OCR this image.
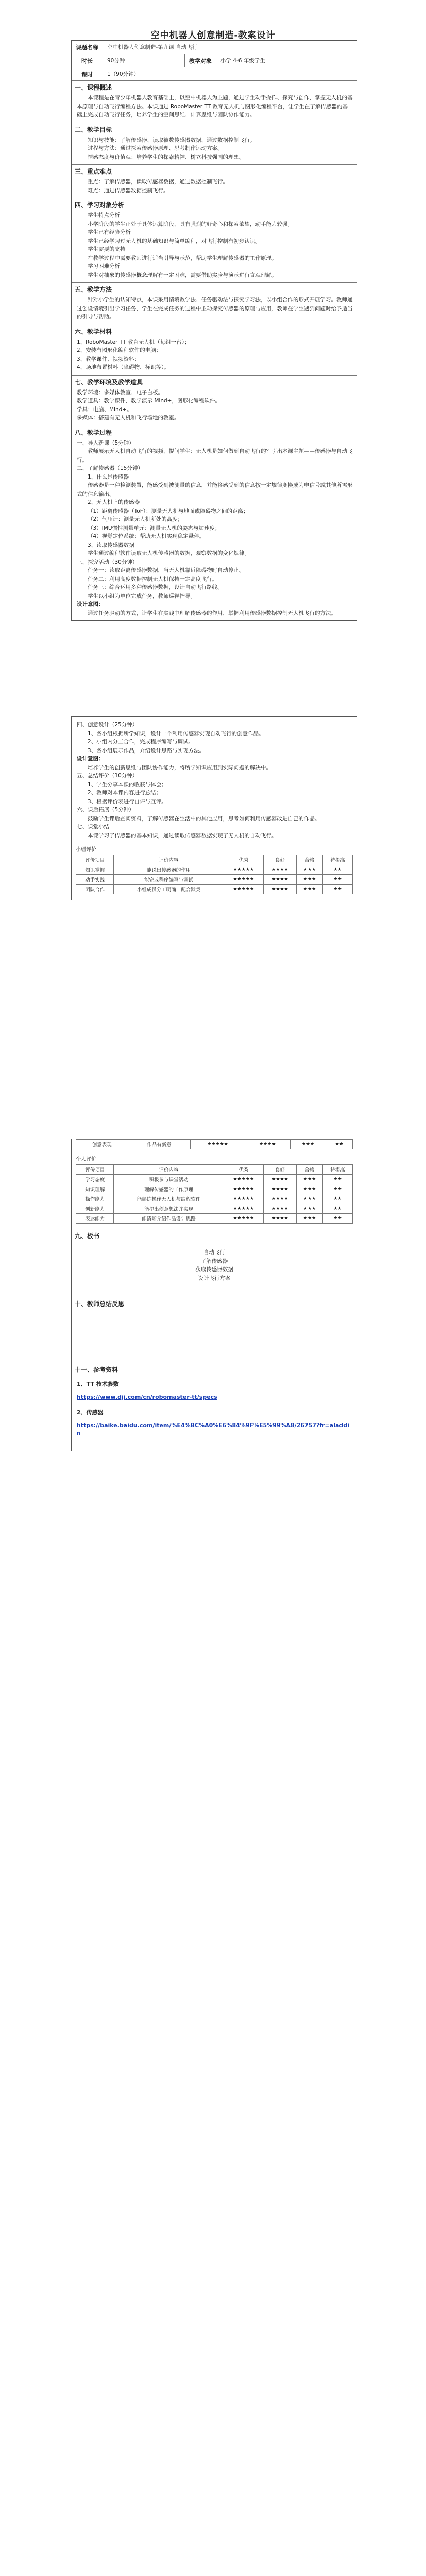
空中机器人创意制造-教案设计
课题名称	空中机器人创意制造-第九课 自动飞行
时长	90分钟	教学对象	小学 4-6 年级学生
课时	1（90分钟）
一、课程概述

本课程是在青少年机器人教育基础上，以空中机器人为主题，通过学生动手操作、探究与创作，掌握无人机的基本原理与自动飞行编程方法。本课通过 RoboMaster TT 教育无人机与图形化编程平台，让学生在了解传感器的基础上完成自动飞行任务，培养学生的空间思维、计算思维与团队协作能力。

二、教学目标

知识与技能：了解传感器、读取被数传感器数据、通过数据控制飞行。

过程与方法：通过探索传感器原理、思考制作运动方案。

情感态度与价值观：培养学生的探索精神、树立科技强国的理想。

三、重点难点

重点：了解传感器，读取传感器数据，通过数据控制飞行。

难点：通过传感器数据控制飞行。

四、学习对象分析

学生特点分析

小学阶段的学生正处于具体运算阶段，具有强烈的好奇心和探索欲望，动手能力较强。

学生已有经验分析

学生已经学习过无人机的基础知识与简单编程，对飞行控制有初步认识。

学生需要的支持

在教学过程中需要教师进行适当引导与示范，帮助学生理解传感器的工作原理。

学习困难分析

学生对抽象的传感器概念理解有一定困难，需要借助实验与演示进行直观理解。

五、教学方法

针对小学生的认知特点，本课采用情境教学法、任务驱动法与探究学习法，以小组合作的形式开展学习。教师通过创设情境引出学习任务，学生在完成任务的过程中主动探究传感器的原理与应用，教师在学生遇到问题时给予适当的引导与帮助。

六、教学材料

1、RoboMaster TT 教育无人机（每组一台）；

2、安装有图形化编程软件的电脑；

3、教学课件、视频资料；

4、场地布置材料（障碍物、标识等）。

七、教学环境及教学道具

教学环境：多媒体教室、电子白板。

教学道具：教学课件，教学演示 Mind+，图形化编程软件。

学具：电脑、Mind+。

多媒体：搭建有无人机和飞行场地的教室。

八、教学过程

一、导入新课（5分钟）

教师展示无人机自动飞行的视频，提问学生：无人机是如何做到自动飞行的？引出本课主题——传感器与自动飞行。

二、了解传感器（15分钟）

1、什么是传感器

传感器是一种检测装置，能感受到被测量的信息，并能将感受到的信息按一定规律变换成为电信号或其他所需形式的信息输出。

2、无人机上的传感器

（1）距离传感器（ToF）：测量无人机与地面或障碍物之间的距离；

（2）气压计：测量无人机所处的高度；

（3）IMU惯性测量单元：测量无人机的姿态与加速度；

（4）视觉定位系统：帮助无人机实现稳定悬停。

3、读取传感器数据

学生通过编程软件读取无人机传感器的数据，观察数据的变化规律。

三、探究活动（30分钟）

任务一：读取距离传感器数据，当无人机靠近障碍物时自动停止。

任务二：利用高度数据控制无人机保持一定高度飞行。

任务三：综合运用多种传感器数据，设计自动飞行路线。

学生以小组为单位完成任务，教师巡视指导。

设计意图：

通过任务驱动的方式，让学生在实践中理解传感器的作用，掌握利用传感器数据控制无人机飞行的方法。

四、创意设计（25分钟）

1、各小组根据所学知识，设计一个利用传感器实现自动飞行的创意作品。

2、小组内分工合作，完成程序编写与调试。

3、各小组展示作品，介绍设计思路与实现方法。

设计意图：

培养学生的创新思维与团队协作能力，将所学知识应用到实际问题的解决中。

五、总结评价（10分钟）

1、学生分享本课的收获与体会；

2、教师对本课内容进行总结；

3、根据评价表进行自评与互评。

六、课后拓展（5分钟）

鼓励学生课后查阅资料，了解传感器在生活中的其他应用，思考如何利用传感器改进自己的作品。

七、课堂小结

本课学习了传感器的基本知识，通过读取传感器数据实现了无人机的自动飞行。

小组评价
评价项目	评价内容	优秀	良好	合格	待提高
知识掌握	能说出传感器的作用	★★★★★	★★★★	★★★	★★
动手实践	能完成程序编写与调试	★★★★★	★★★★	★★★	★★
团队合作	小组成员分工明确，配合默契	★★★★★	★★★★	★★★	★★
创意表现	作品有新意	★★★★★	★★★★	★★★	★★
个人评价
评价项目	评价内容	优秀	良好	合格	待提高
学习态度	积极参与课堂活动	★★★★★	★★★★	★★★	★★
知识理解	理解传感器的工作原理	★★★★★	★★★★	★★★	★★
操作能力	能熟练操作无人机与编程软件	★★★★★	★★★★	★★★	★★
创新能力	能提出创意想法并实现	★★★★★	★★★★	★★★	★★
表达能力	能清晰介绍作品设计思路	★★★★★	★★★★	★★★	★★
九、板书

自动飞行

了解传感器

获取传感器数据

设计飞行方案

十、教师总结反思
十一、参考资料

1、TT 技术参数

https://www.dji.com/cn/robomaster-tt/specs

2、传感器

https://baike.baidu.com/item/%E4%BC%A0%E6%84%9F%E5%99%A8/26757?fr=aladdin
